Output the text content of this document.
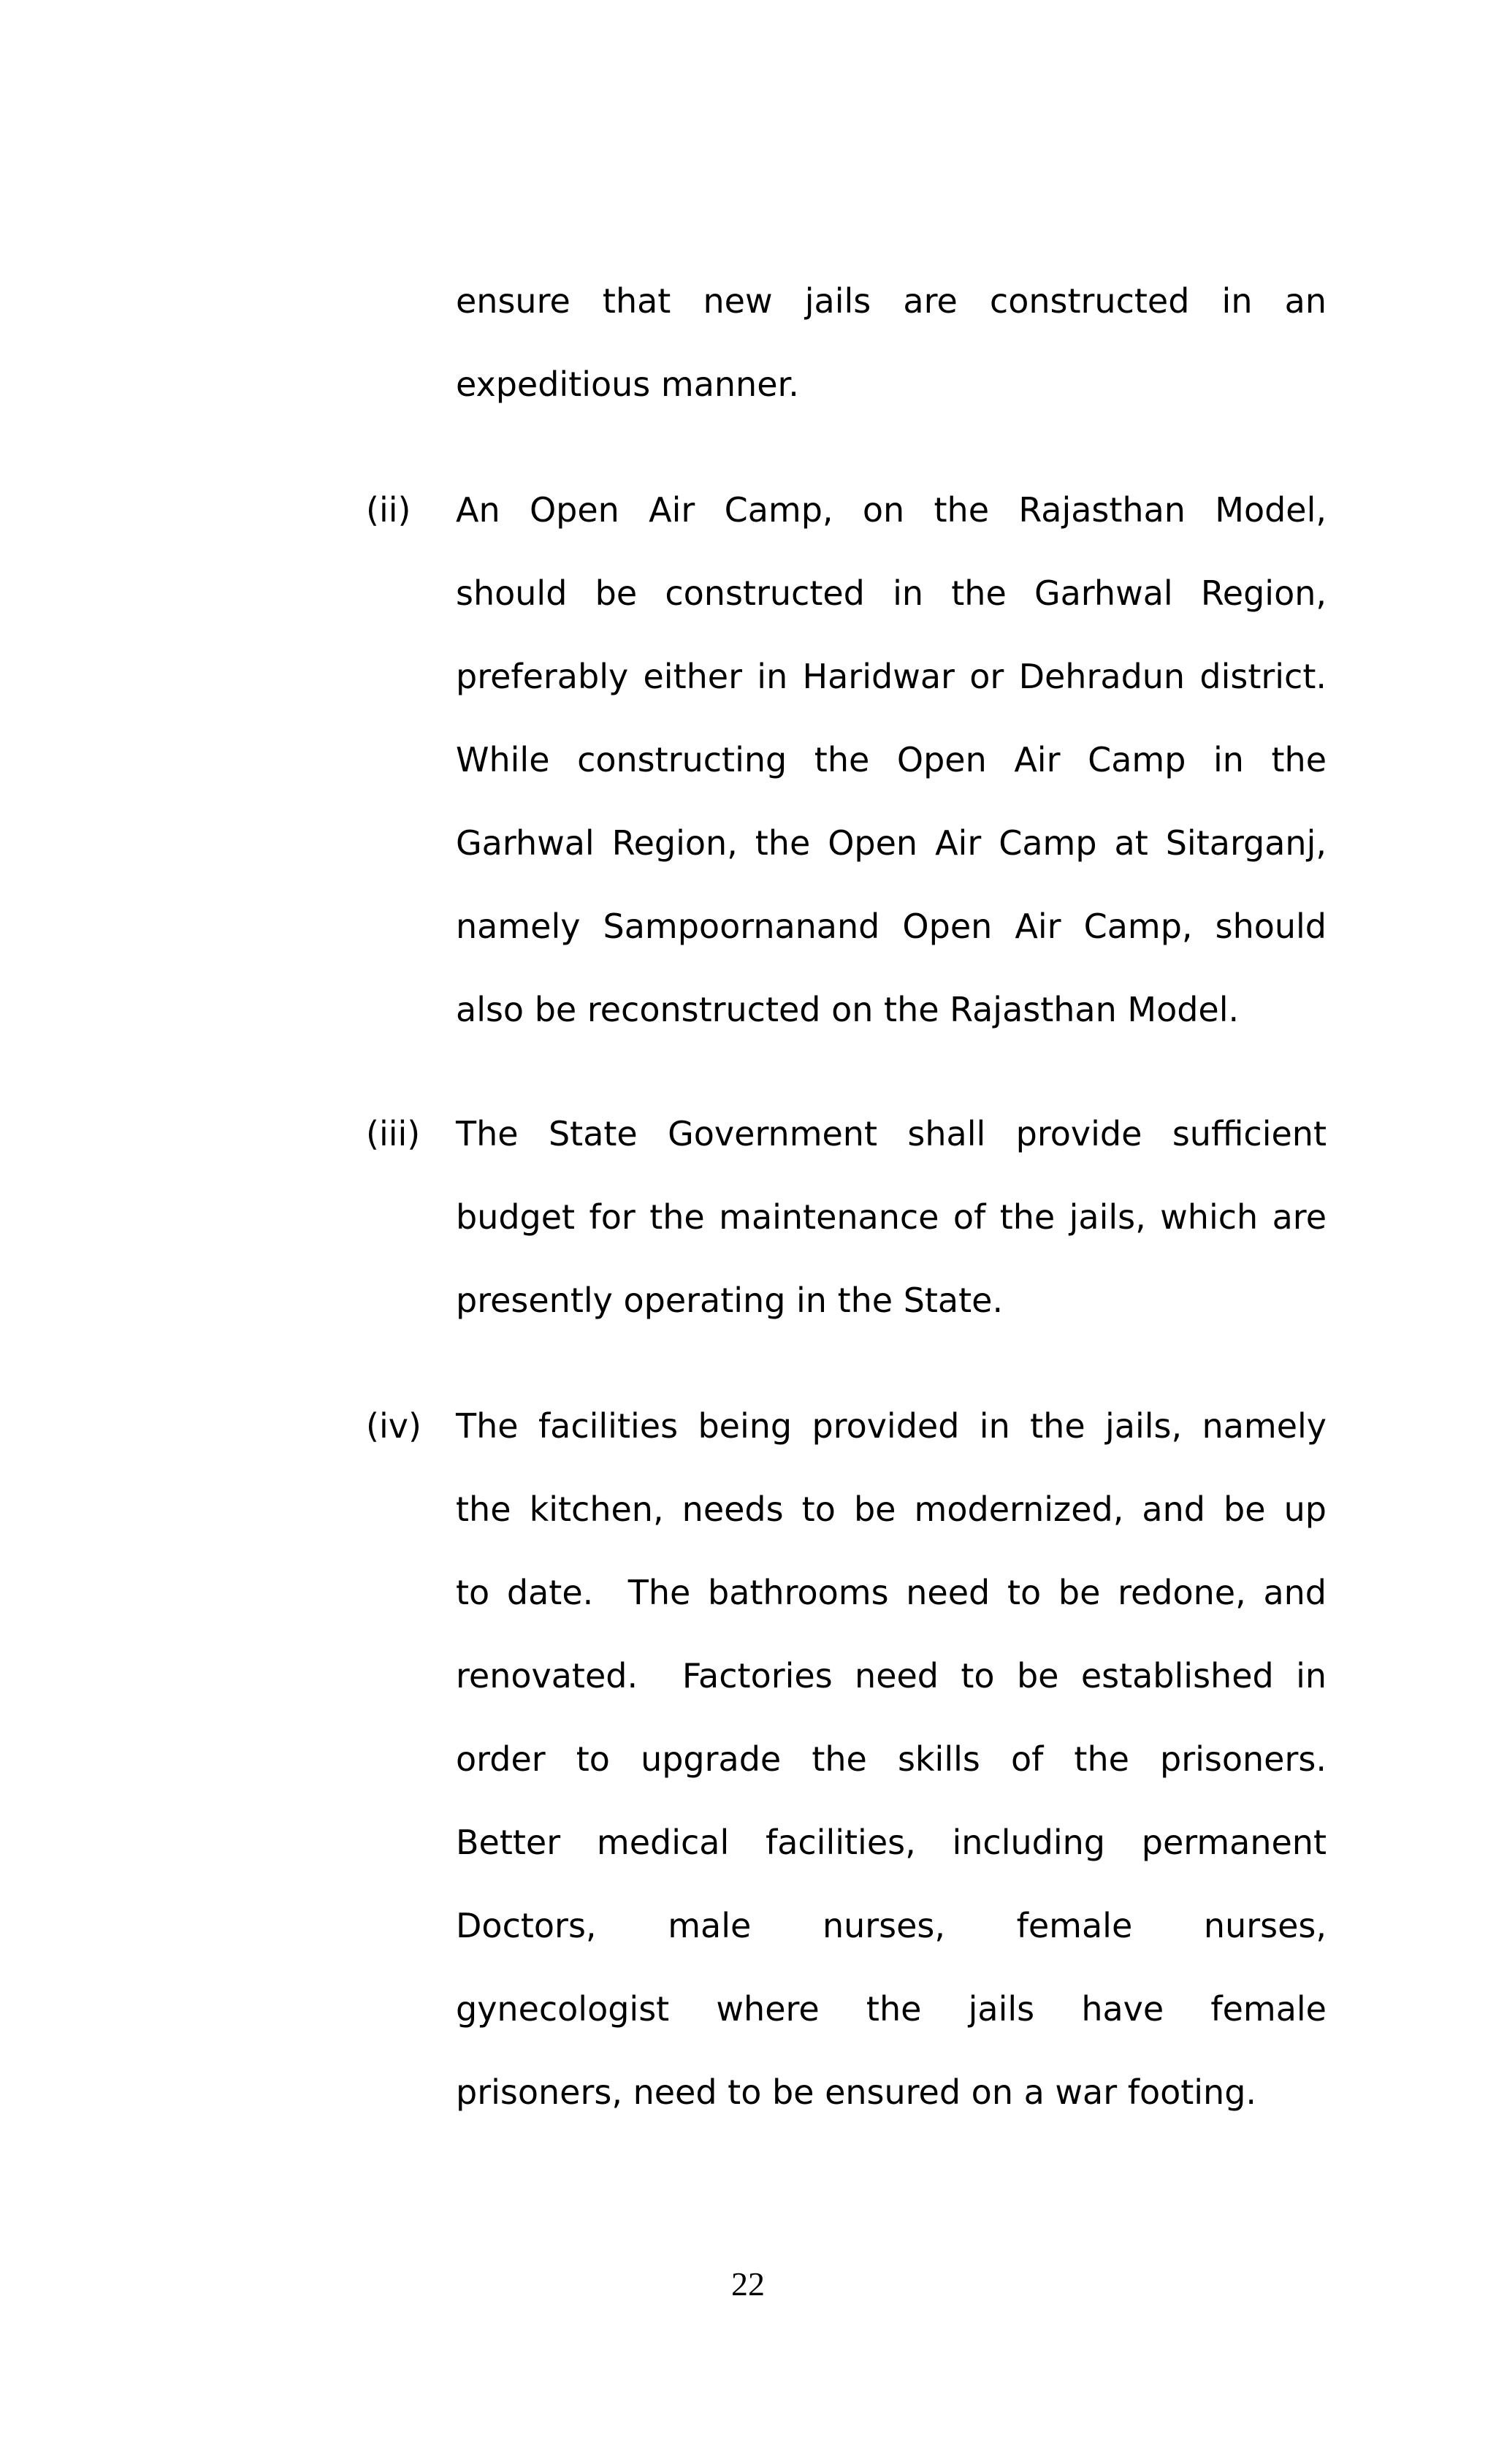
ensure that new jails are constructed in an
expeditious manner.
(ii) An Open Air Camp, on the Rajasthan Model,
should be constructed in the Garhwal Region,
preferably either in Haridwar or Dehradun district.
While constructing the Open Air Camp in the
Garhwal Region, the Open Air Camp at Sitarganj,
namely Sampoornanand Open Air Camp, should
also be reconstructed on the Rajasthan Model.
(iii) The State Government shall provide sufficient
budget for the maintenance of the jails, which are
presently operating in the State.
(iv) The facilities being provided in the jails, namely
the kitchen, needs to be modernized, and be up
to date.  The bathrooms need to be redone, and
renovated.  Factories need to be established in
order to upgrade the skills of the prisoners.
Better medical facilities, including permanent
Doctors, male nurses, female nurses,
gynecologist where the jails have female
prisoners, need to be ensured on a war footing.
22
